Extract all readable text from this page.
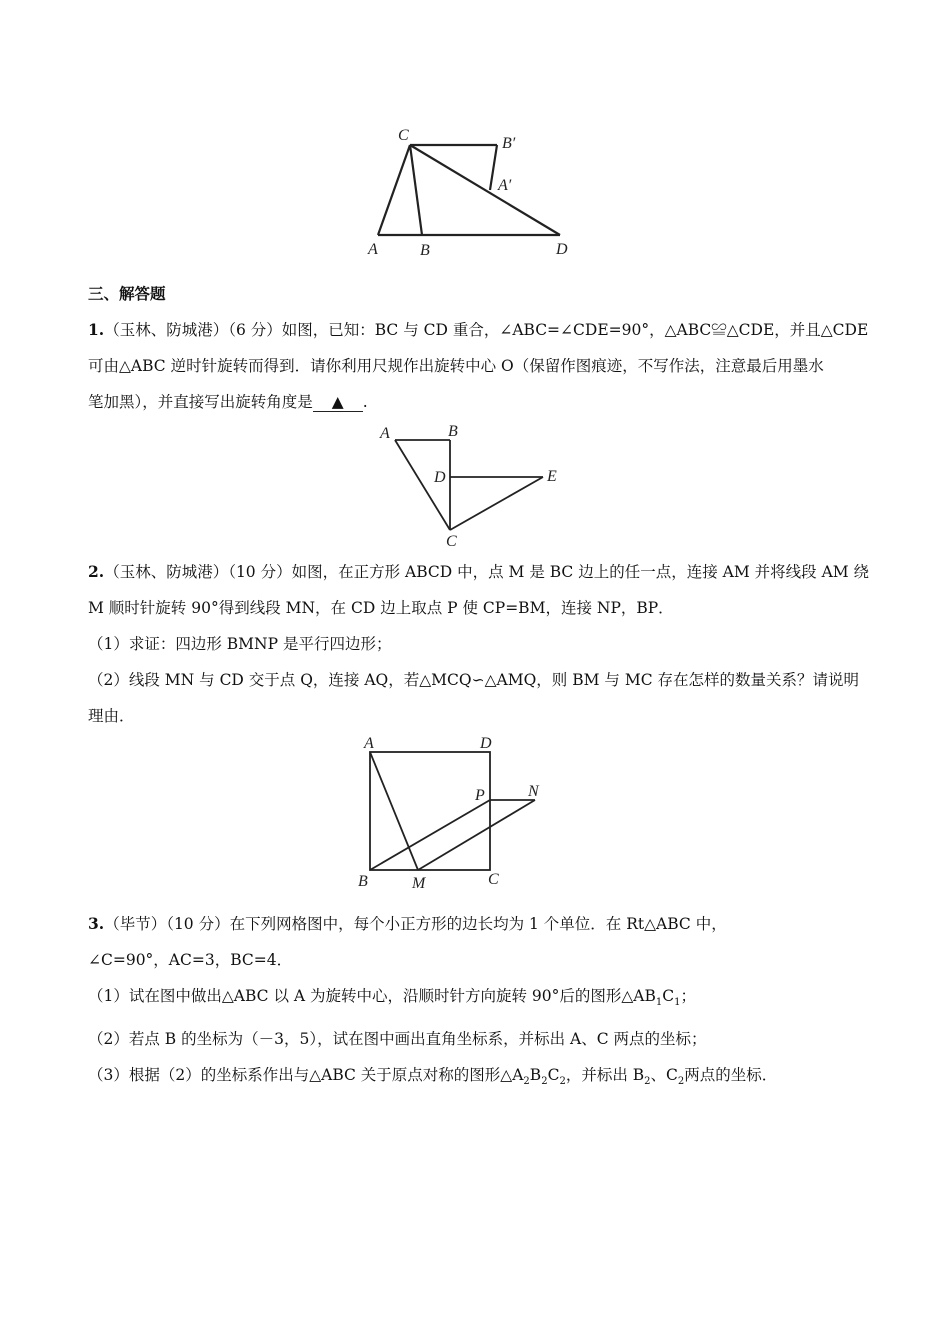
C	B′
A′
A	B	D
三、解答题
1.（玉林、防城港）（6 分）如图，已知：BC 与 CD 重合，∠ABC=∠CDE=90°，△ABC≌△CDE，并且△CDE
可由△ABC 逆时针旋转而得到．请你利用尺规作出旋转中心 O（保留作图痕迹，不写作法，注意最后用墨水
笔加黑），并直接写出旋转角度是 ▲ .
A	B
D	E
C
2.（玉林、防城港）（10 分）如图，在正方形 ABCD 中，点 M 是 BC 边上的任一点，连接 AM 并将线段 AM 绕
M 顺时针旋转 90°得到线段 MN，在 CD 边上取点 P 使 CP=BM，连接 NP，BP．
（1）求证：四边形 BMNP 是平行四边形；
（2）线段 MN 与 CD 交于点 Q，连接 AQ，若△MCQ∽△AMQ，则 BM 与 MC 存在怎样的数量关系？请说明
理由．
A	D
P	N
B	M	C
3.（毕节）（10 分）在下列网格图中，每个小正方形的边长均为 1 个单位．在 Rt△ABC 中，
∠C=90°，AC=3，BC=4．
（1）试在图中做出△ABC 以 A 为旋转中心，沿顺时针方向旋转 90°后的图形$\triangle AB_1C_1$；
（2）若点 B 的坐标为（－3，5），试在图中画出直角坐标系，并标出 A、C 两点的坐标；
（3）根据（2）的坐标系作出与△ABC 关于原点对称的图形$\triangle A_2B_2C_2$，并标出 $B_2$、$C_2$两点的坐标．
